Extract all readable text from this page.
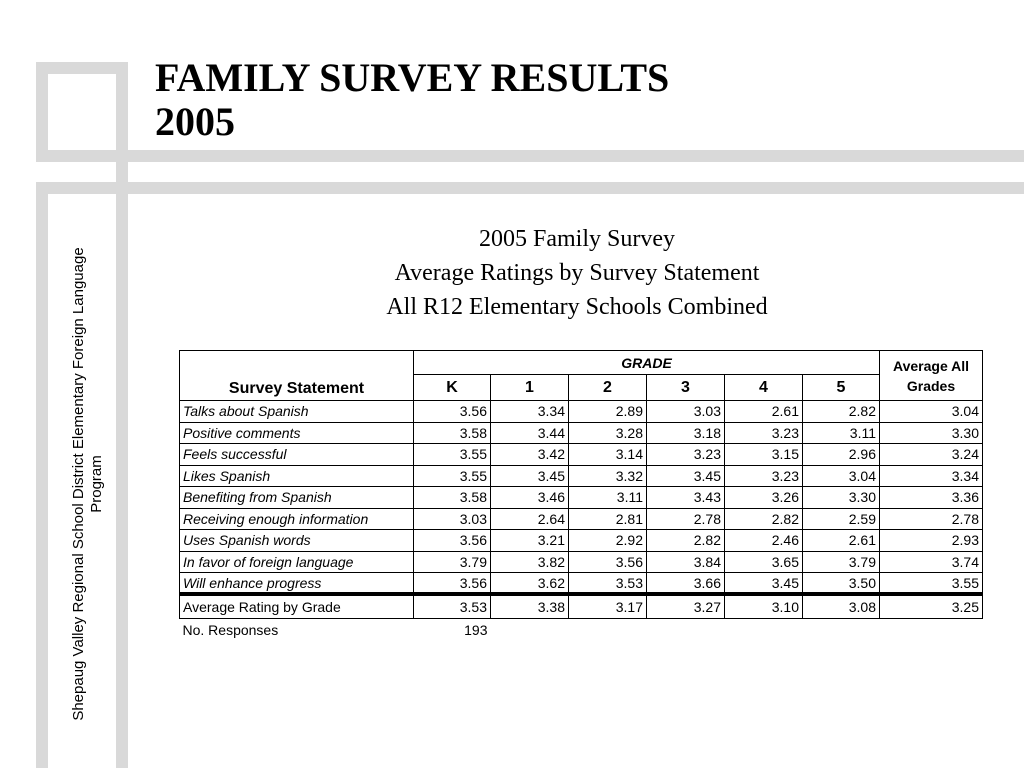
FAMILY SURVEY RESULTS
2005
Shepaug Valley Regional School District Elementary Foreign Language Program
2005 Family Survey
Average Ratings by Survey Statement
All R12 Elementary Schools Combined
Survey Statement	GRADE						Average All
Grades

	K	1	2	3	4	5	
Talks about Spanish	3.56	3.34	2.89	3.03	2.61	2.82	3.04
Positive comments	3.58	3.44	3.28	3.18	3.23	3.11	3.30
Feels successful	3.55	3.42	3.14	3.23	3.15	2.96	3.24
Likes Spanish	3.55	3.45	3.32	3.45	3.23	3.04	3.34
Benefiting from Spanish	3.58	3.46	3.11	3.43	3.26	3.30	3.36
Receiving enough information	3.03	2.64	2.81	2.78	2.82	2.59	2.78
Uses Spanish words	3.56	3.21	2.92	2.82	2.46	2.61	2.93
In favor of foreign language	3.79	3.82	3.56	3.84	3.65	3.79	3.74
Will enhance progress	3.56	3.62	3.53	3.66	3.45	3.50	3.55
Average Rating by Grade	3.53	3.38	3.17	3.27	3.10	3.08	3.25
No. Responses	193						
